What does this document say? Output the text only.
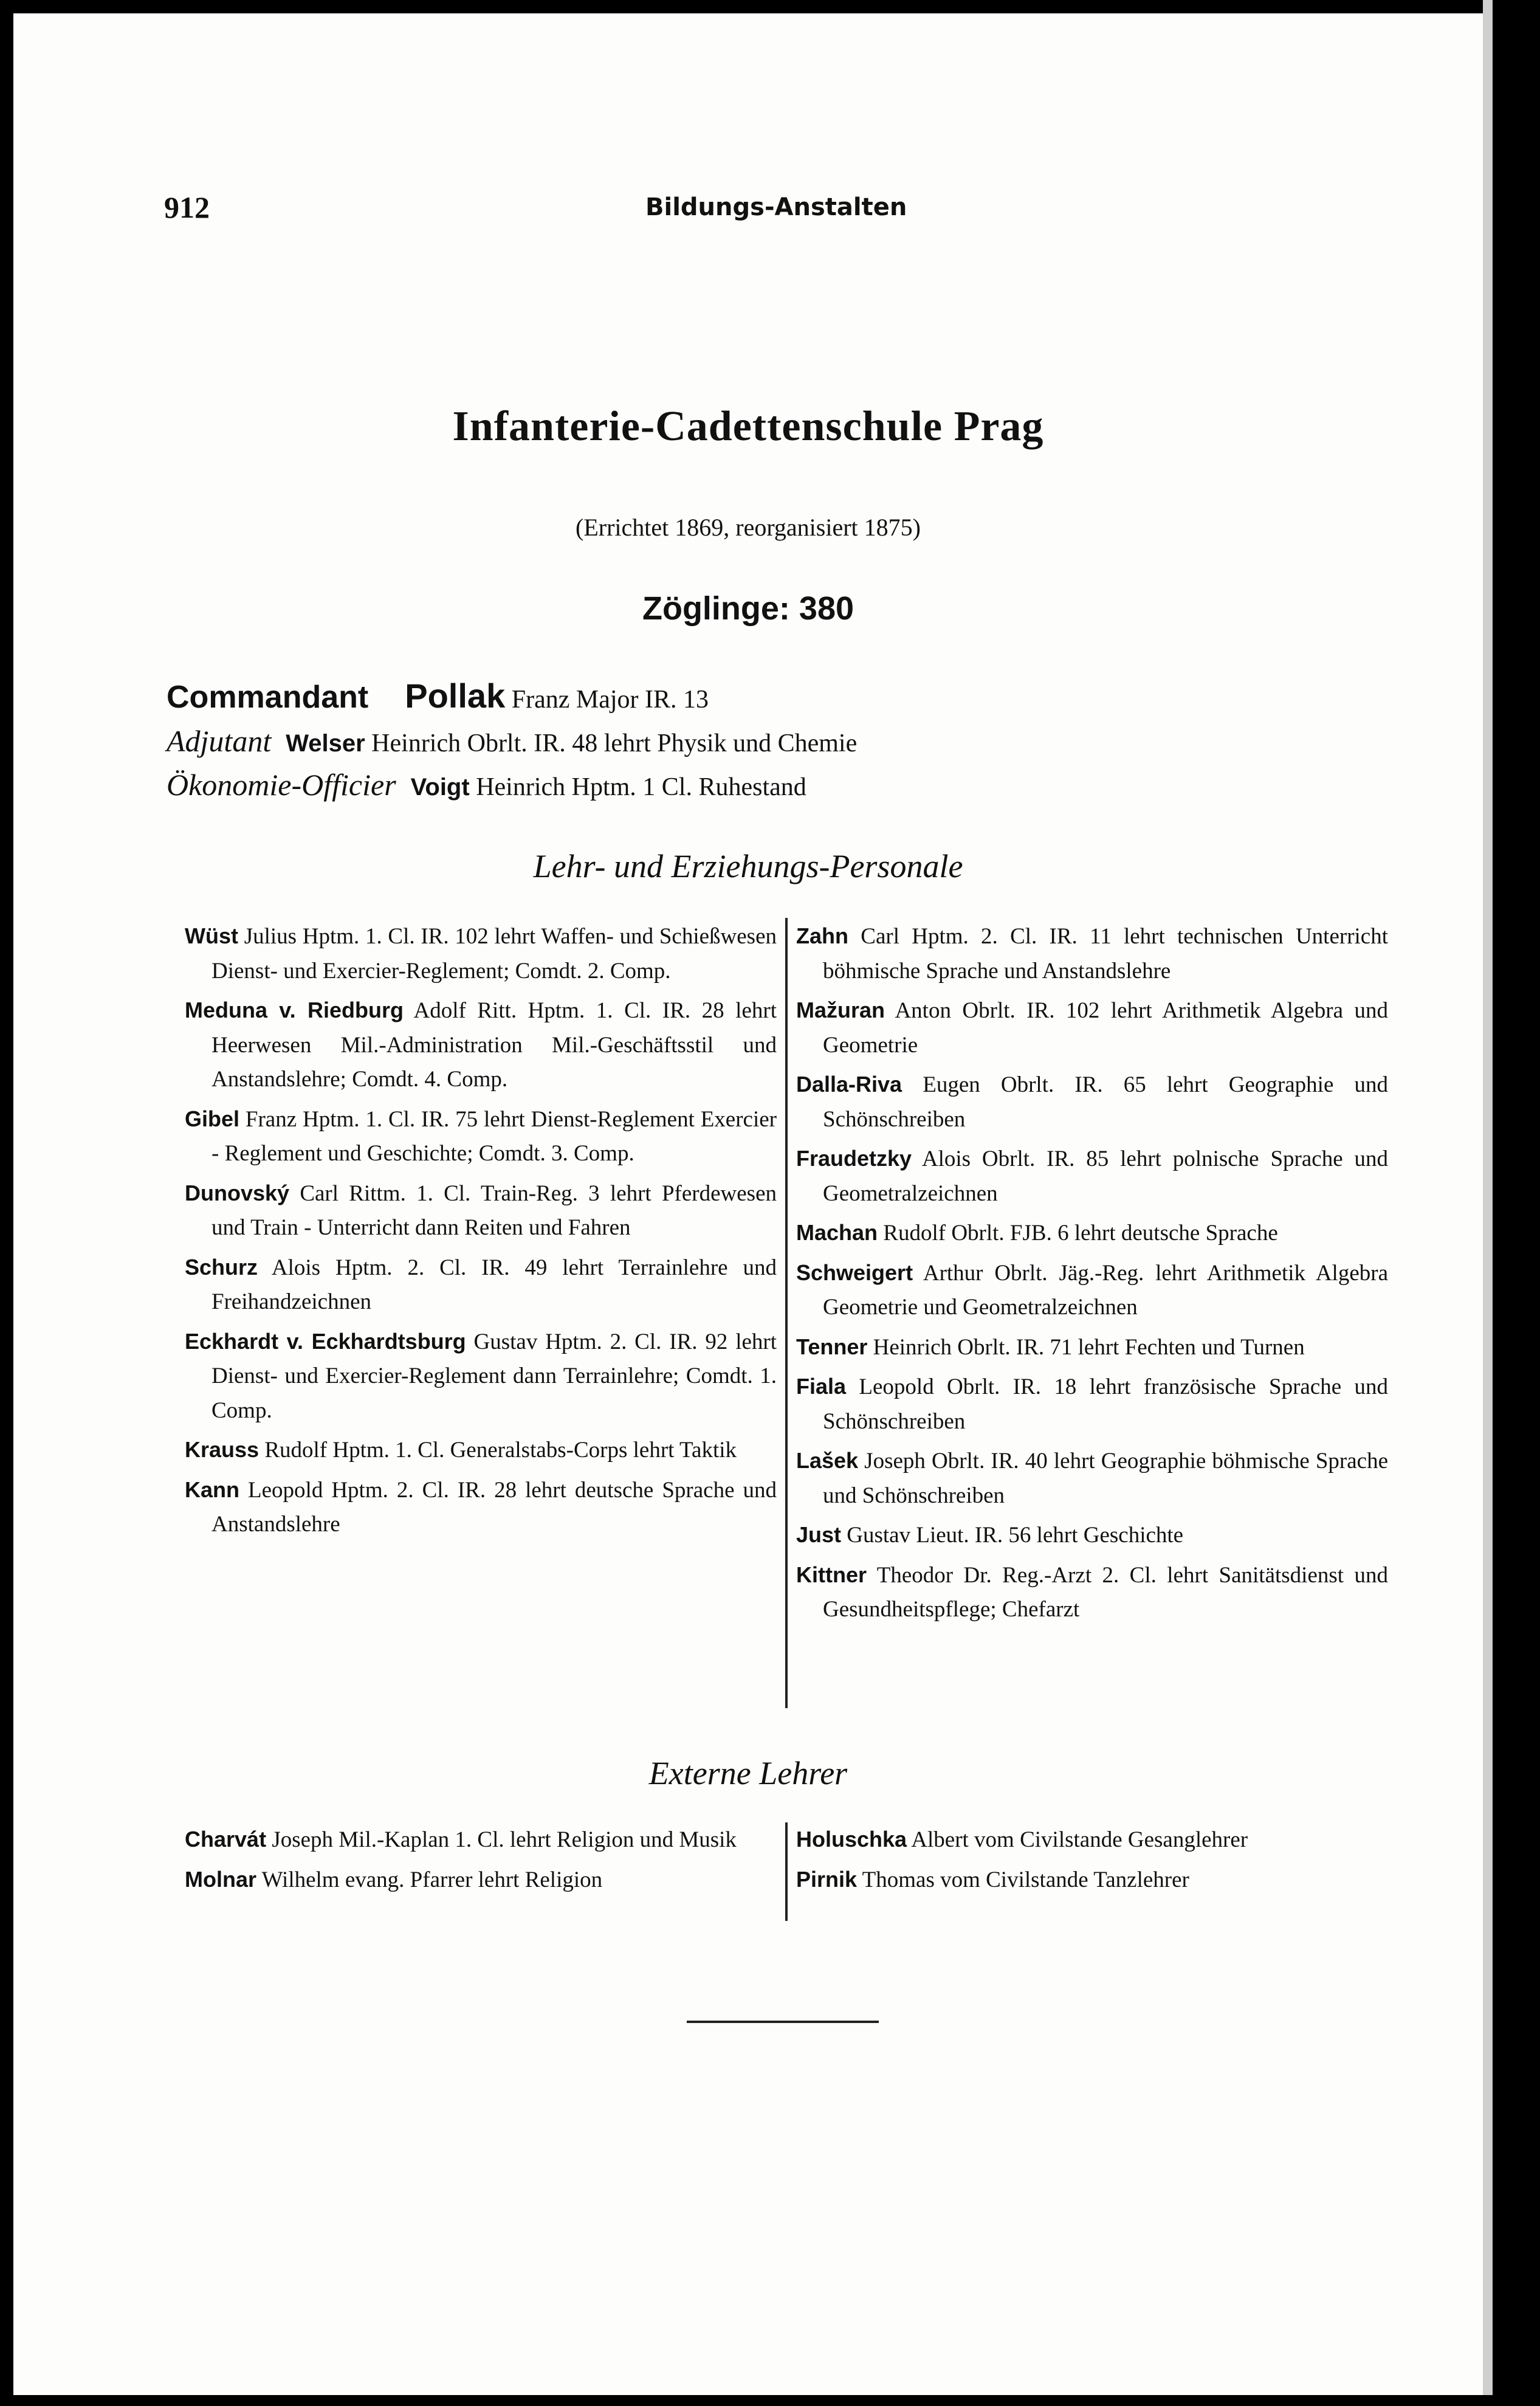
912	Bildungs-Anstalten
Infanterie-Cadettenschule Prag
(Errichtet 1869, reorganisiert 1875)
Zöglinge: 380
Commandant Pollak Franz Major IR. 13
Adjutant Welser Heinrich Obrlt. IR. 48 lehrt Physik und Chemie
Ökonomie-Officier Voigt Heinrich Hptm. 1 Cl. Ruhestand
Lehr- und Erziehungs-Personale

Wüst Julius Hptm. 1. Cl. IR. 102 lehrt Waffen- und Schießwesen Dienst- und Exercier-Reglement; Comdt. 2. Comp.

Meduna v. Riedburg Adolf Ritt. Hptm. 1. Cl. IR. 28 lehrt Heerwesen Mil.-Administration Mil.-Geschäftsstil und Anstandslehre; Comdt. 4. Comp.

Gibel Franz Hptm. 1. Cl. IR. 75 lehrt Dienst-Reglement Exercier - Reglement und Geschichte; Comdt. 3. Comp.

Dunovský Carl Rittm. 1. Cl. Train-Reg. 3 lehrt Pferdewesen und Train - Unterricht dann Reiten und Fahren

Schurz Alois Hptm. 2. Cl. IR. 49 lehrt Terrainlehre und Freihandzeichnen

Eckhardt v. Eckhardtsburg Gustav Hptm. 2. Cl. IR. 92 lehrt Dienst- und Exercier-Reglement dann Terrainlehre; Comdt. 1. Comp.

Krauss Rudolf Hptm. 1. Cl. Generalstabs-Corps lehrt Taktik

Kann Leopold Hptm. 2. Cl. IR. 28 lehrt deutsche Sprache und Anstandslehre

Zahn Carl Hptm. 2. Cl. IR. 11 lehrt technischen Unterricht böhmische Sprache und Anstandslehre

Mažuran Anton Obrlt. IR. 102 lehrt Arithmetik Algebra und Geometrie

Dalla-Riva Eugen Obrlt. IR. 65 lehrt Geographie und Schönschreiben

Fraudetzky Alois Obrlt. IR. 85 lehrt polnische Sprache und Geometralzeichnen

Machan Rudolf Obrlt. FJB. 6 lehrt deutsche Sprache

Schweigert Arthur Obrlt. Jäg.-Reg. lehrt Arithmetik Algebra Geometrie und Geometralzeichnen

Tenner Heinrich Obrlt. IR. 71 lehrt Fechten und Turnen

Fiala Leopold Obrlt. IR. 18 lehrt französische Sprache und Schönschreiben

Lašek Joseph Obrlt. IR. 40 lehrt Geographie böhmische Sprache und Schönschreiben

Just Gustav Lieut. IR. 56 lehrt Geschichte

Kittner Theodor Dr. Reg.-Arzt 2. Cl. lehrt Sanitätsdienst und Gesundheitspflege; Chefarzt

Externe Lehrer

Charvát Joseph Mil.-Kaplan 1. Cl. lehrt Religion und Musik

Molnar Wilhelm evang. Pfarrer lehrt Religion

Holuschka Albert vom Civilstande Gesanglehrer

Pirnik Thomas vom Civilstande Tanzlehrer
